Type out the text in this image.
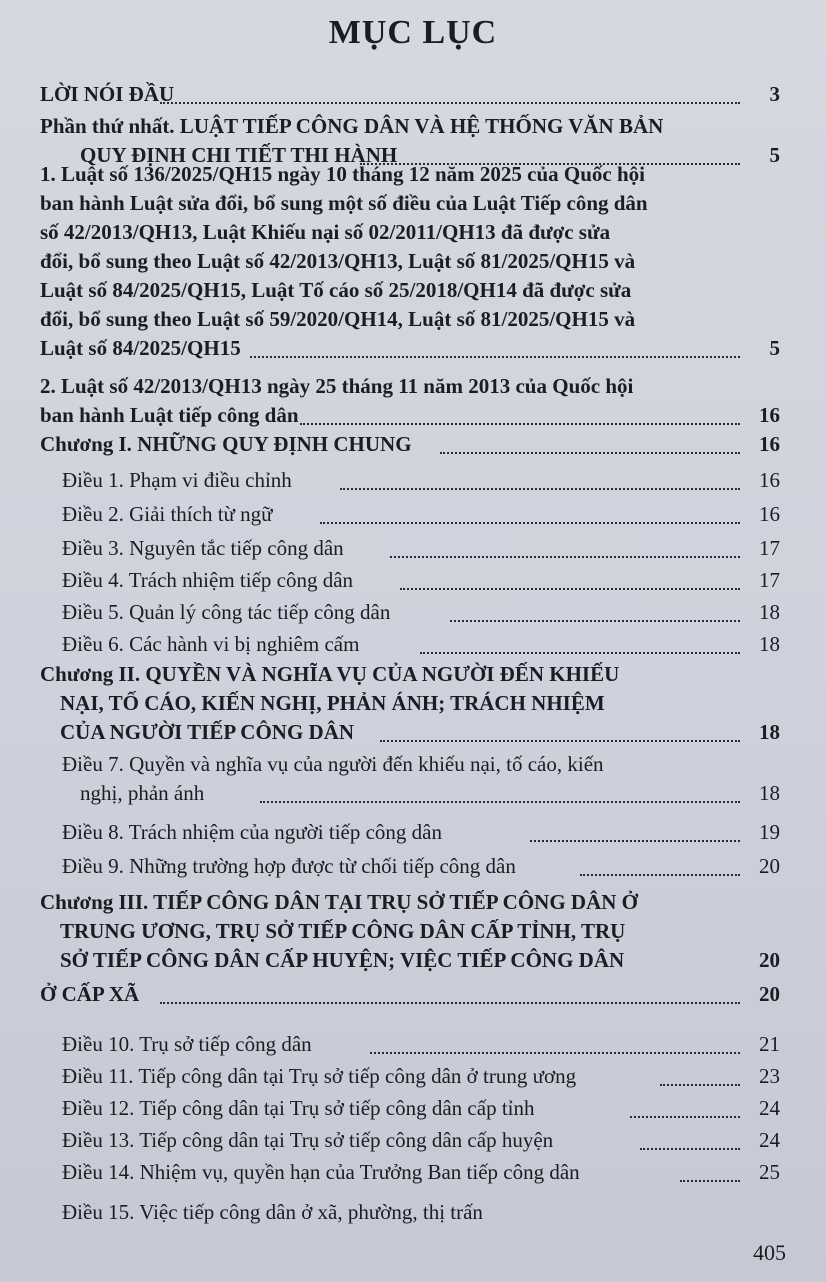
MỤC LỤC
LỜI NÓI ĐẦU	3
Phần thứ nhất. LUẬT TIẾP CÔNG DÂN VÀ HỆ THỐNG VĂN BẢN
QUY ĐỊNH CHI TIẾT THI HÀNH	5
1. Luật số 136/2025/QH15 ngày 10 tháng 12 năm 2025 của Quốc hội
ban hành Luật sửa đổi, bổ sung một số điều của Luật Tiếp công dân
số 42/2013/QH13, Luật Khiếu nại số 02/2011/QH13 đã được sửa
đổi, bổ sung theo Luật số 42/2013/QH13, Luật số 81/2025/QH15 và
Luật số 84/2025/QH15, Luật Tố cáo số 25/2018/QH14 đã được sửa
đổi, bổ sung theo Luật số 59/2020/QH14, Luật số 81/2025/QH15 và
Luật số 84/2025/QH15	5
2. Luật số 42/2013/QH13 ngày 25 tháng 11 năm 2013 của Quốc hội
ban hành Luật tiếp công dân	16
Chương I. NHỮNG QUY ĐỊNH CHUNG	16
Điều 1. Phạm vi điều chỉnh	16
Điều 2. Giải thích từ ngữ	16
Điều 3. Nguyên tắc tiếp công dân	17
Điều 4. Trách nhiệm tiếp công dân	17
Điều 5. Quản lý công tác tiếp công dân	18
Điều 6. Các hành vi bị nghiêm cấm	18
Chương II. QUYỀN VÀ NGHĨA VỤ CỦA NGƯỜI ĐẾN KHIẾU
NẠI, TỐ CÁO, KIẾN NGHỊ, PHẢN ÁNH; TRÁCH NHIỆM
CỦA NGƯỜI TIẾP CÔNG DÂN	18
Điều 7. Quyền và nghĩa vụ của người đến khiếu nại, tố cáo, kiến
nghị, phản ánh	18
Điều 8. Trách nhiệm của người tiếp công dân	19
Điều 9. Những trường hợp được từ chối tiếp công dân	20
Chương III. TIẾP CÔNG DÂN TẠI TRỤ SỞ TIẾP CÔNG DÂN Ở
TRUNG ƯƠNG, TRỤ SỞ TIẾP CÔNG DÂN CẤP TỈNH, TRỤ
SỞ TIẾP CÔNG DÂN CẤP HUYỆN; VIỆC TIẾP CÔNG DÂN	20
Ở CẤP XÃ	20
Điều 10. Trụ sở tiếp công dân	21
Điều 11. Tiếp công dân tại Trụ sở tiếp công dân ở trung ương	23
Điều 12. Tiếp công dân tại Trụ sở tiếp công dân cấp tỉnh	24
Điều 13. Tiếp công dân tại Trụ sở tiếp công dân cấp huyện	24
Điều 14. Nhiệm vụ, quyền hạn của Trưởng Ban tiếp công dân	25
Điều 15. Việc tiếp công dân ở xã, phường, thị trấn
405
